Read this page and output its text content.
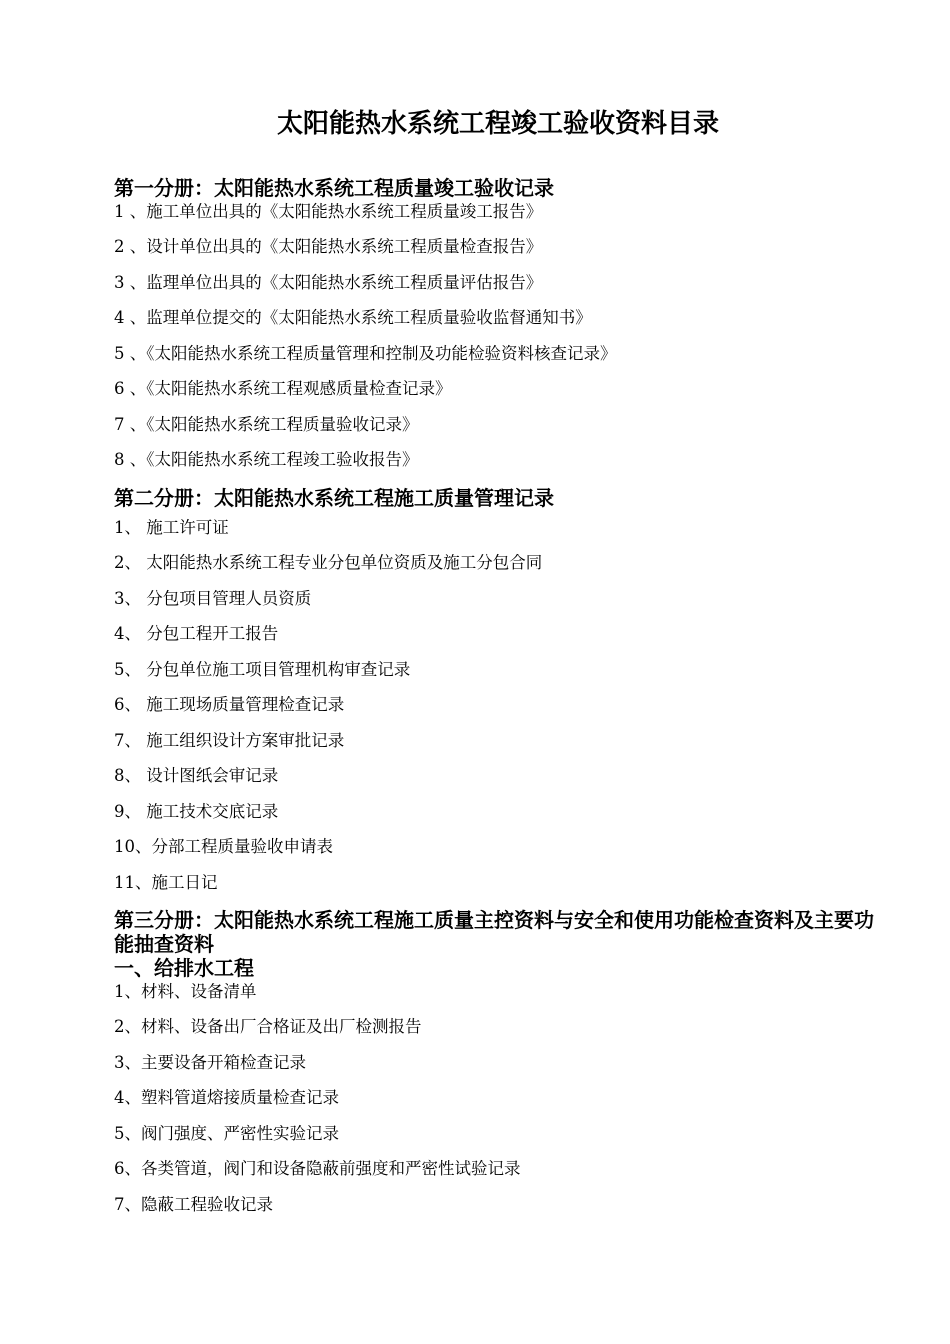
太阳能热水系统工程竣工验收资料目录
第一分册：太阳能热水系统工程质量竣工验收记录
1 、施工单位出具的《太阳能热水系统工程质量竣工报告》
2 、设计单位出具的《太阳能热水系统工程质量检查报告》
3 、监理单位出具的《太阳能热水系统工程质量评估报告》
4 、监理单位提交的《太阳能热水系统工程质量验收监督通知书》
5 、《太阳能热水系统工程质量管理和控制及功能检验资料核查记录》
6 、《太阳能热水系统工程观感质量检查记录》
7 、《太阳能热水系统工程质量验收记录》
8 、《太阳能热水系统工程竣工验收报告》
第二分册：太阳能热水系统工程施工质量管理记录
1、 施工许可证
2、 太阳能热水系统工程专业分包单位资质及施工分包合同
3、 分包项目管理人员资质
4、 分包工程开工报告
5、 分包单位施工项目管理机构审查记录
6、 施工现场质量管理检查记录
7、 施工组织设计方案审批记录
8、 设计图纸会审记录
9、 施工技术交底记录
10、分部工程质量验收申请表
11、施工日记
第三分册：太阳能热水系统工程施工质量主控资料与安全和使用功能检查资料及主要功能抽查资料
一、给排水工程
1、材料、设备清单
2、材料、设备出厂合格证及出厂检测报告
3、主要设备开箱检查记录
4、塑料管道熔接质量检查记录
5、阀门强度、严密性实验记录
6、各类管道，阀门和设备隐蔽前强度和严密性试验记录
7、隐蔽工程验收记录
